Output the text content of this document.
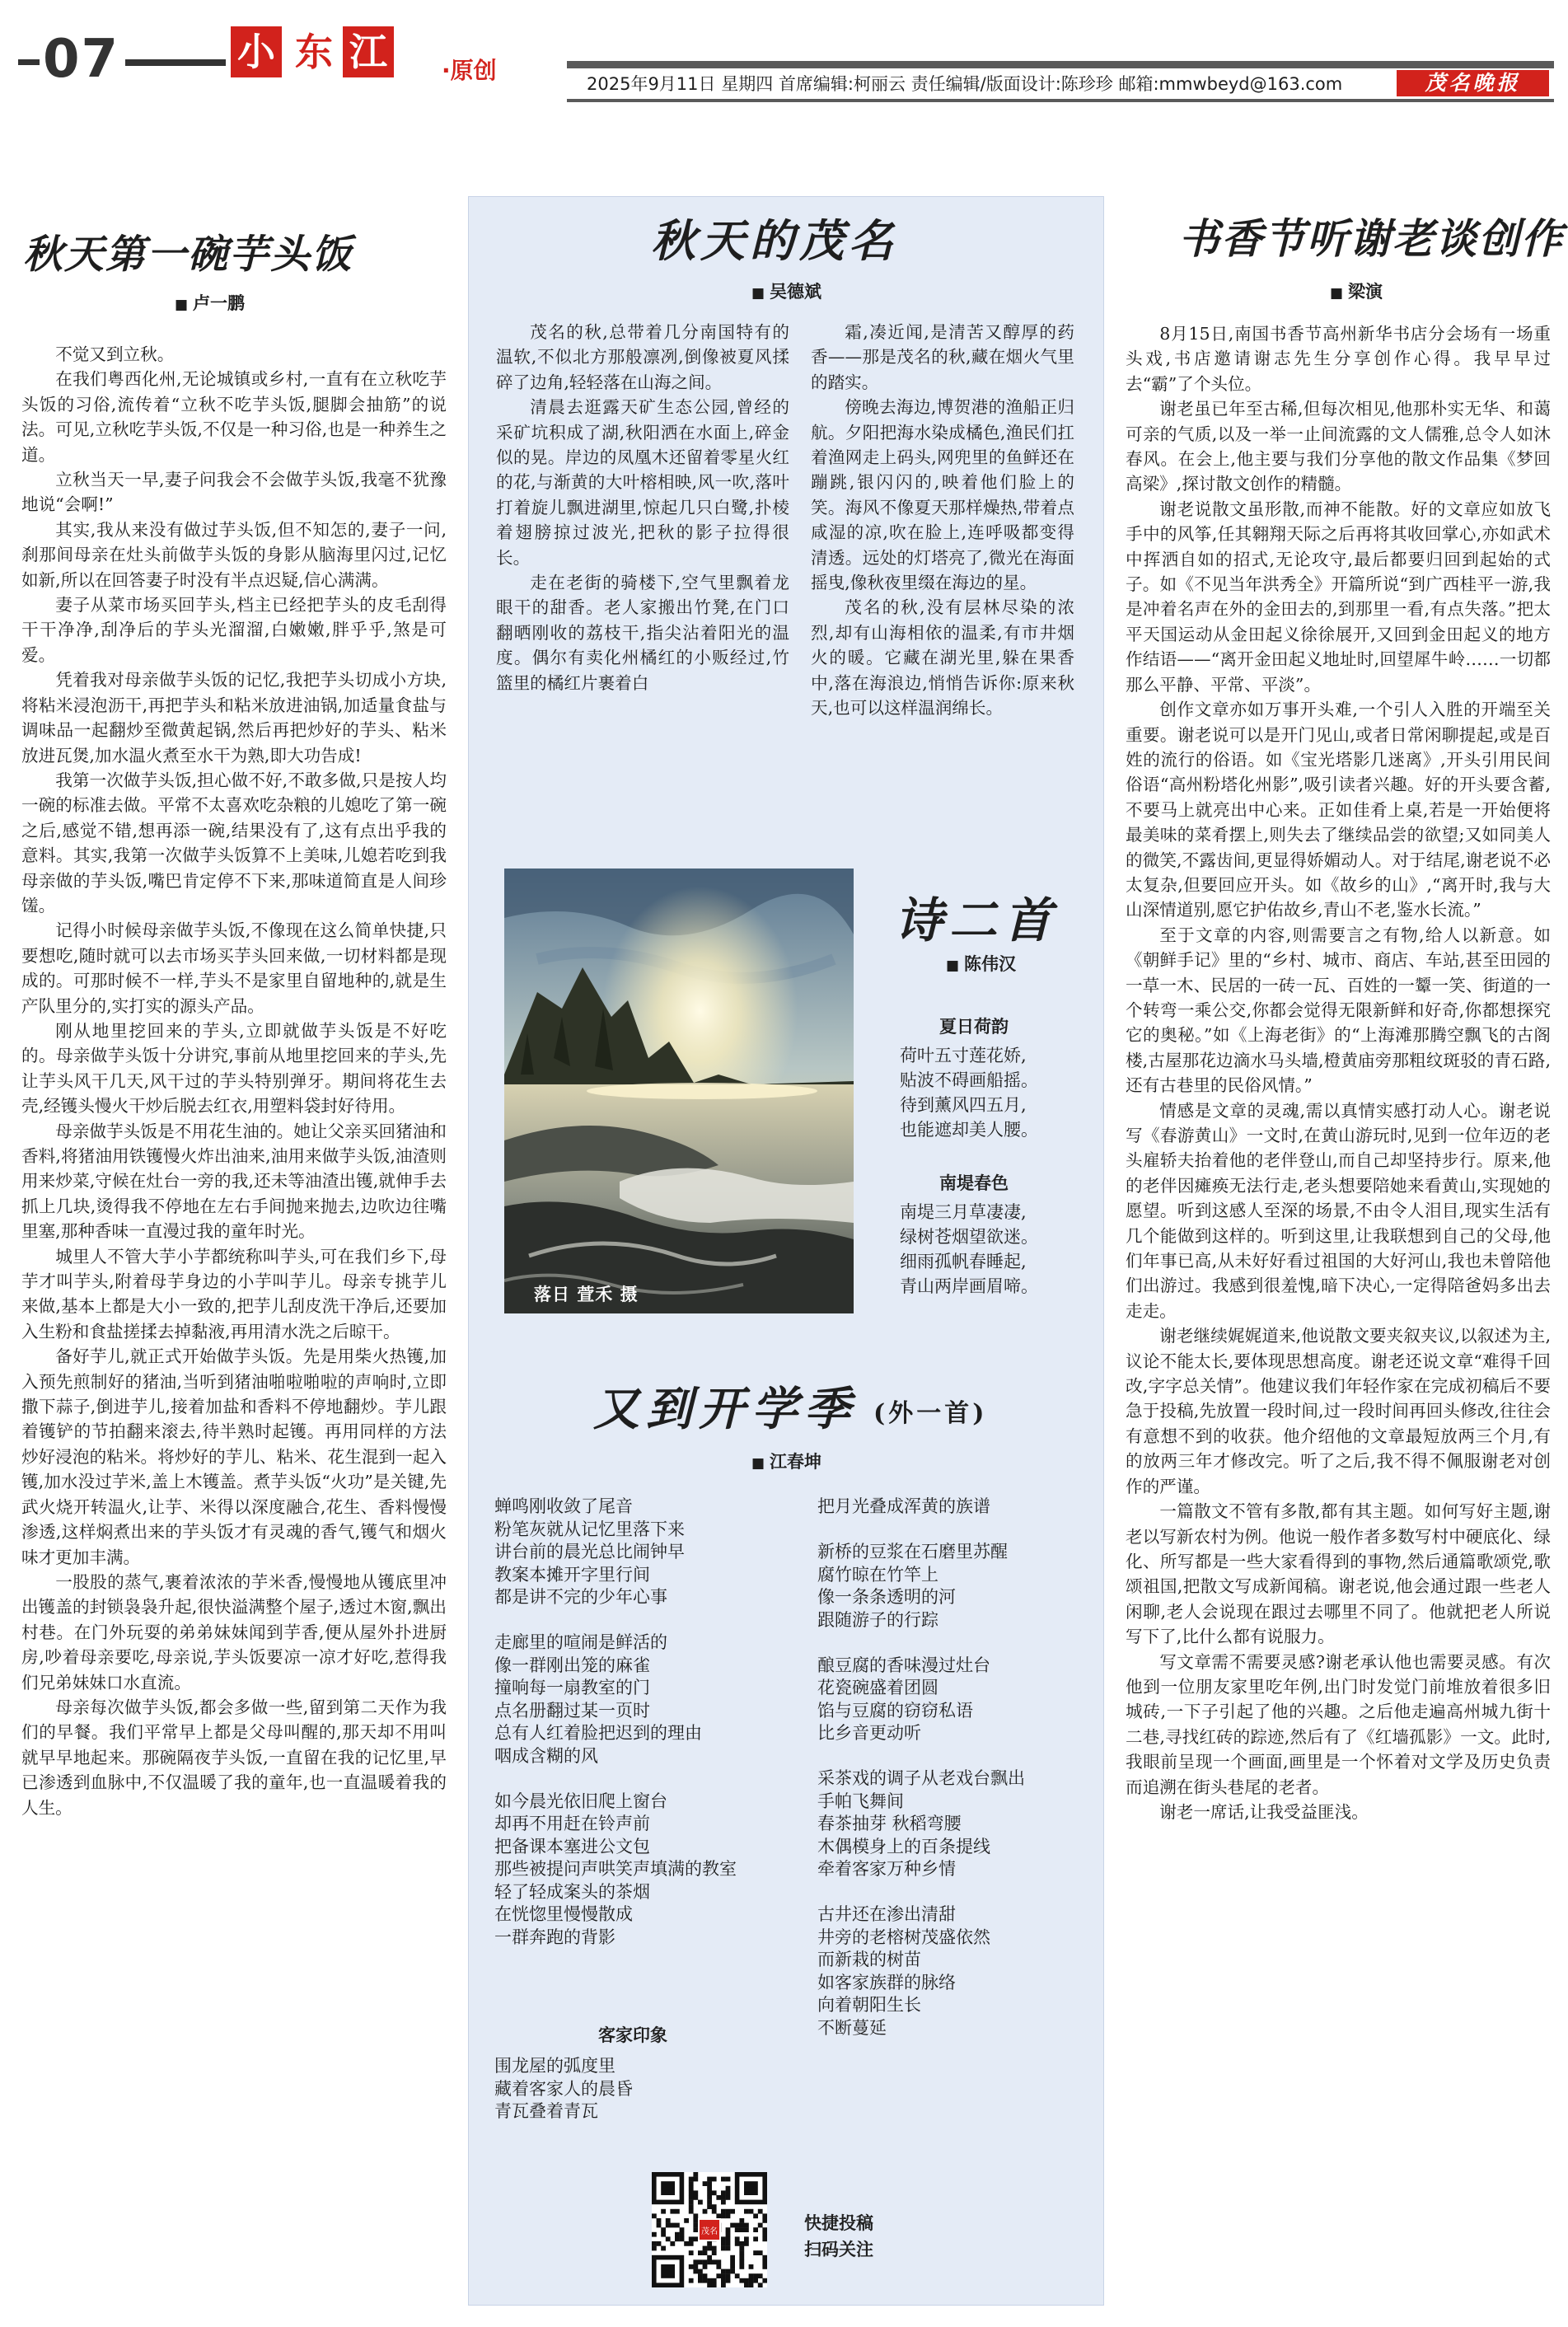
07	小 东 江 ·原创	2025年9月11日 星期四 首席编辑:柯丽云 责任编辑/版面设计:陈珍珍 邮箱:mmwbeyd@163.com	茂名晚报
秋天第一碗芋头饭
■ 卢一鹏

不觉又到立秋。

在我们粤西化州,无论城镇或乡村,一直有在立秋吃芋头饭的习俗,流传着“立秋不吃芋头饭,腿脚会抽筋”的说法。可见,立秋吃芋头饭,不仅是一种习俗,也是一种养生之道。

立秋当天一早,妻子问我会不会做芋头饭,我毫不犹豫地说“会啊!”

其实,我从来没有做过芋头饭,但不知怎的,妻子一问,刹那间母亲在灶头前做芋头饭的身影从脑海里闪过,记忆如新,所以在回答妻子时没有半点迟疑,信心满满。

妻子从菜市场买回芋头,档主已经把芋头的皮毛刮得干干净净,刮净后的芋头光溜溜,白嫩嫩,胖乎乎,煞是可爱。

凭着我对母亲做芋头饭的记忆,我把芋头切成小方块,将粘米浸泡沥干,再把芋头和粘米放进油锅,加适量食盐与调味品一起翻炒至微黄起锅,然后再把炒好的芋头、粘米放进瓦煲,加水温火煮至水干为熟,即大功告成!

我第一次做芋头饭,担心做不好,不敢多做,只是按人均一碗的标准去做。平常不太喜欢吃杂粮的儿媳吃了第一碗之后,感觉不错,想再添一碗,结果没有了,这有点出乎我的意料。其实,我第一次做芋头饭算不上美味,儿媳若吃到我母亲做的芋头饭,嘴巴肯定停不下来,那味道简直是人间珍馐。

记得小时候母亲做芋头饭,不像现在这么简单快捷,只要想吃,随时就可以去市场买芋头回来做,一切材料都是现成的。可那时候不一样,芋头不是家里自留地种的,就是生产队里分的,实打实的源头产品。

刚从地里挖回来的芋头,立即就做芋头饭是不好吃的。母亲做芋头饭十分讲究,事前从地里挖回来的芋头,先让芋头风干几天,风干过的芋头特别弹牙。期间将花生去壳,经镬头慢火干炒后脱去红衣,用塑料袋封好待用。

母亲做芋头饭是不用花生油的。她让父亲买回猪油和香料,将猪油用铁镬慢火炸出油来,油用来做芋头饭,油渣则用来炒菜,守候在灶台一旁的我,还未等油渣出镬,就伸手去抓上几块,烫得我不停地在左右手间抛来抛去,边吹边往嘴里塞,那种香味一直漫过我的童年时光。

城里人不管大芋小芋都统称叫芋头,可在我们乡下,母芋才叫芋头,附着母芋身边的小芋叫芋儿。母亲专挑芋儿来做,基本上都是大小一致的,把芋儿刮皮洗干净后,还要加入生粉和食盐搓揉去掉黏液,再用清水洗之后晾干。

备好芋儿,就正式开始做芋头饭。先是用柴火热镬,加入预先煎制好的猪油,当听到猪油啪啦啪啦的声响时,立即撒下蒜子,倒进芋儿,接着加盐和香料不停地翻炒。芋儿跟着镬铲的节拍翻来滚去,待半熟时起镬。再用同样的方法炒好浸泡的粘米。将炒好的芋儿、粘米、花生混到一起入镬,加水没过芋米,盖上木镬盖。煮芋头饭“火功”是关键,先武火烧开转温火,让芋、米得以深度融合,花生、香料慢慢渗透,这样焖煮出来的芋头饭才有灵魂的香气,镬气和烟火味才更加丰满。

一股股的蒸气,裹着浓浓的芋米香,慢慢地从镬底里冲出镬盖的封锁袅袅升起,很快溢满整个屋子,透过木窗,飘出村巷。在门外玩耍的弟弟妹妹闻到芋香,便从屋外扑进厨房,吵着母亲要吃,母亲说,芋头饭要凉一凉才好吃,惹得我们兄弟妹妹口水直流。

母亲每次做芋头饭,都会多做一些,留到第二天作为我们的早餐。我们平常早上都是父母叫醒的,那天却不用叫就早早地起来。那碗隔夜芋头饭,一直留在我的记忆里,早已渗透到血脉中,不仅温暖了我的童年,也一直温暖着我的人生。

秋天的茂名
■ 吴德斌

茂名的秋,总带着几分南国特有的温软,不似北方那般凛冽,倒像被夏风揉碎了边角,轻轻落在山海之间。

清晨去逛露天矿生态公园,曾经的采矿坑积成了湖,秋阳洒在水面上,碎金似的晃。岸边的凤凰木还留着零星火红的花,与渐黄的大叶榕相映,风一吹,落叶打着旋儿飘进湖里,惊起几只白鹭,扑棱着翅膀掠过波光,把秋的影子拉得很长。

走在老街的骑楼下,空气里飘着龙眼干的甜香。老人家搬出竹凳,在门口翻晒刚收的荔枝干,指尖沾着阳光的温度。偶尔有卖化州橘红的小贩经过,竹篮里的橘红片裹着白

霜,凑近闻,是清苦又醇厚的药香——那是茂名的秋,藏在烟火气里的踏实。

傍晚去海边,博贺港的渔船正归航。夕阳把海水染成橘色,渔民们扛着渔网走上码头,网兜里的鱼鲜还在蹦跳,银闪闪的,映着他们脸上的笑。海风不像夏天那样燥热,带着点咸湿的凉,吹在脸上,连呼吸都变得清透。远处的灯塔亮了,微光在海面摇曳,像秋夜里缀在海边的星。

茂名的秋,没有层林尽染的浓烈,却有山海相依的温柔,有市井烟火的暖。它藏在湖光里,躲在果香中,落在海浪边,悄悄告诉你:原来秋天,也可以这样温润绵长。

落日 萱禾 摄
诗二首
■ 陈伟汉
夏日荷韵
荷叶五寸莲花娇,
贴波不碍画船摇。
待到薰风四五月,
也能遮却美人腰。
南堤春色
南堤三月草凄凄,
绿树苍烟望欲迷。
细雨孤帆春睡起,
青山两岸画眉啼。
又到开学季 (外一首)
■ 江春坤
蝉鸣刚收敛了尾音
粉笔灰就从记忆里落下来
讲台前的晨光总比闹钟早
教案本摊开字里行间
都是讲不完的少年心事
走廊里的喧闹是鲜活的
像一群刚出笼的麻雀
撞响每一扇教室的门
点名册翻过某一页时
总有人红着脸把迟到的理由
咽成含糊的风
如今晨光依旧爬上窗台
却再不用赶在铃声前
把备课本塞进公文包
那些被提问声哄笑声填满的教室
轻了轻成案头的茶烟
在恍惚里慢慢散成
一群奔跑的背影
客家印象
围龙屋的弧度里
藏着客家人的晨昏
青瓦叠着青瓦
把月光叠成浑黄的族谱
新桥的豆浆在石磨里苏醒
腐竹晾在竹竿上
像一条条透明的河
跟随游子的行踪
酿豆腐的香味漫过灶台
花瓷碗盛着团圆
馅与豆腐的窃窃私语
比乡音更动听
采茶戏的调子从老戏台飘出
手帕飞舞间
春茶抽芽 秋稻弯腰
木偶模身上的百条提线
牵着客家万种乡情
古井还在渗出清甜
井旁的老榕树茂盛依然
而新栽的树苗
如客家族群的脉络
向着朝阳生长
不断蔓延
茂名	快捷投稿
扫码关注
书香节听谢老谈创作
■ 梁演

8月15日,南国书香节高州新华书店分会场有一场重头戏,书店邀请谢志先生分享创作心得。我早早过去“霸”了个头位。

谢老虽已年至古稀,但每次相见,他那朴实无华、和蔼可亲的气质,以及一举一止间流露的文人儒雅,总令人如沐春风。在会上,他主要与我们分享他的散文作品集《梦回高梁》,探讨散文创作的精髓。

谢老说散文虽形散,而神不能散。好的文章应如放飞手中的风筝,任其翱翔天际之后再将其收回掌心,亦如武术中挥洒自如的招式,无论攻守,最后都要归回到起始的式子。如《不见当年洪秀全》开篇所说“到广西桂平一游,我是冲着名声在外的金田去的,到那里一看,有点失落。”把太平天国运动从金田起义徐徐展开,又回到金田起义的地方作结语——“离开金田起义地址时,回望犀牛岭……一切都那么平静、平常、平淡”。

创作文章亦如万事开头难,一个引人入胜的开端至关重要。谢老说可以是开门见山,或者日常闲聊提起,或是百姓的流行的俗语。如《宝光塔影几迷离》,开头引用民间俗语“高州粉塔化州影”,吸引读者兴趣。好的开头要含蓄,不要马上就亮出中心来。正如佳肴上桌,若是一开始便将最美味的菜肴摆上,则失去了继续品尝的欲望;又如同美人的微笑,不露齿间,更显得娇媚动人。对于结尾,谢老说不必太复杂,但要回应开头。如《故乡的山》,“离开时,我与大山深情道别,愿它护佑故乡,青山不老,鉴水长流。”

至于文章的内容,则需要言之有物,给人以新意。如《朝鲜手记》里的“乡村、城市、商店、车站,甚至田园的一草一木、民居的一砖一瓦、百姓的一颦一笑、街道的一个转弯一乘公交,你都会觉得无限新鲜和好奇,你都想探究它的奥秘。”如《上海老街》的“上海滩那腾空飘飞的古阁楼,古屋那花边滴水马头墙,橙黄庙旁那粗纹斑驳的青石路,还有古巷里的民俗风情。”

情感是文章的灵魂,需以真情实感打动人心。谢老说写《春游黄山》一文时,在黄山游玩时,见到一位年迈的老头雇轿夫抬着他的老伴登山,而自己却坚持步行。原来,他的老伴因瘫痪无法行走,老头想要陪她来看黄山,实现她的愿望。听到这感人至深的场景,不由令人泪目,现实生活有几个能做到这样的。听到这里,让我联想到自己的父母,他们年事已高,从未好好看过祖国的大好河山,我也未曾陪他们出游过。我感到很羞愧,暗下决心,一定得陪爸妈多出去走走。

谢老继续娓娓道来,他说散文要夹叙夹议,以叙述为主,议论不能太长,要体现思想高度。谢老还说文章“难得千回改,字字总关情”。他建议我们年轻作家在完成初稿后不要急于投稿,先放置一段时间,过一段时间再回头修改,往往会有意想不到的收获。他介绍他的文章最短放两三个月,有的放两三年才修改完。听了之后,我不得不佩服谢老对创作的严谨。

一篇散文不管有多散,都有其主题。如何写好主题,谢老以写新农村为例。他说一般作者多数写村中硬底化、绿化、所写都是一些大家看得到的事物,然后通篇歌颂党,歌颂祖国,把散文写成新闻稿。谢老说,他会通过跟一些老人闲聊,老人会说现在跟过去哪里不同了。他就把老人所说写下了,比什么都有说服力。

写文章需不需要灵感?谢老承认他也需要灵感。有次他到一位朋友家里吃年例,出门时发觉门前堆放着很多旧城砖,一下子引起了他的兴趣。之后他走遍高州城九街十二巷,寻找红砖的踪迹,然后有了《红墙孤影》一文。此时,我眼前呈现一个画面,画里是一个怀着对文学及历史负责而追溯在街头巷尾的老者。

谢老一席话,让我受益匪浅。
